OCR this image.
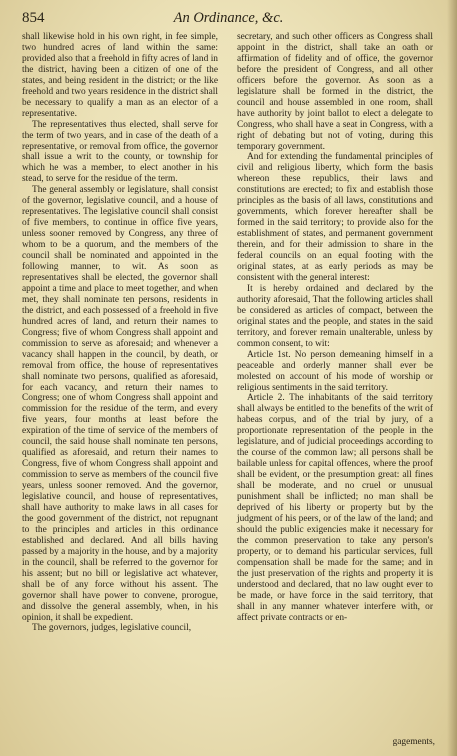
854	An Ordinance, &c.

shall likewise hold in his own right, in fee simple, two hundred acres of land within the same: provided also that a freehold in fifty acres of land in the district, having been a citizen of one of the states, and being resident in the district; or the like freehold and two years residence in the district shall be necessary to qualify a man as an elector of a representative.

The representatives thus elected, shall serve for the term of two years, and in case of the death of a representative, or removal from office, the governor shall issue a writ to the county, or township for which he was a member, to elect another in his stead, to serve for the residue of the term.

The general assembly or legislature, shall consist of the governor, legislative council, and a house of representatives. The legislative council shall consist of five members, to continue in office five years, unless sooner removed by Congress, any three of whom to be a quorum, and the members of the council shall be nominated and appointed in the following manner, to wit. As soon as representatives shall be elected, the governor shall appoint a time and place to meet together, and when met, they shall nominate ten persons, residents in the district, and each possessed of a freehold in five hundred acres of land, and return their names to Congress; five of whom Congress shall appoint and commission to serve as aforesaid; and whenever a vacancy shall happen in the council, by death, or removal from office, the house of representatives shall nominate two persons, qualified as aforesaid, for each vacancy, and return their names to Congress; one of whom Congress shall appoint and commission for the residue of the term, and every five years, four months at least before the expiration of the time of service of the members of council, the said house shall nominate ten persons, qualified as aforesaid, and return their names to Congress, five of whom Congress shall appoint and commission to serve as members of the council five years, unless sooner removed. And the governor, legislative council, and house of representatives, shall have authority to make laws in all cases for the good government of the district, not repugnant to the principles and articles in this ordinance established and declared. And all bills having passed by a majority in the house, and by a majority in the council, shall be referred to the governor for his assent; but no bill or legislative act whatever, shall be of any force without his assent. The governor shall have power to convene, prorogue, and dissolve the general assembly, when, in his opinion, it shall be expedient.

The governors, judges, legislative council,

secretary, and such other officers as Congress shall appoint in the district, shall take an oath or affirmation of fidelity and of office, the governor before the president of Congress, and all other officers before the governor. As soon as a legislature shall be formed in the district, the council and house assembled in one room, shall have authority by joint ballot to elect a delegate to Congress, who shall have a seat in Congress, with a right of debating but not of voting, during this temporary government.

And for extending the fundamental principles of civil and religious liberty, which form the basis whereon these republics, their laws and constitutions are erected; to fix and establish those principles as the basis of all laws, constitutions and governments, which forever hereafter shall be formed in the said territory; to provide also for the establishment of states, and permanent government therein, and for their admission to share in the federal councils on an equal footing with the original states, at as early periods as may be consistent with the general interest:

It is hereby ordained and declared by the authority aforesaid, That the following articles shall be considered as articles of compact, between the original states and the people, and states in the said territory, and forever remain unalterable, unless by common consent, to wit:

Article 1st. No person demeaning himself in a peaceable and orderly manner shall ever be molested on account of his mode of worship or religious sentiments in the said territory.

Article 2. The inhabitants of the said territory shall always be entitled to the benefits of the writ of habeas corpus, and of the trial by jury, of a proportionate representation of the people in the legislature, and of judicial proceedings according to the course of the common law; all persons shall be bailable unless for capital offences, where the proof shall be evident, or the presumption great: all fines shall be moderate, and no cruel or unusual punishment shall be inflicted; no man shall be deprived of his liberty or property but by the judgment of his peers, or of the law of the land; and should the public exigencies make it necessary for the common preservation to take any person's property, or to demand his particular services, full compensation shall be made for the same; and in the just preservation of the rights and property it is understood and declared, that no law ought ever to be made, or have force in the said territory, that shall in any manner whatever interfere with, or affect private contracts or en-

gagements,
